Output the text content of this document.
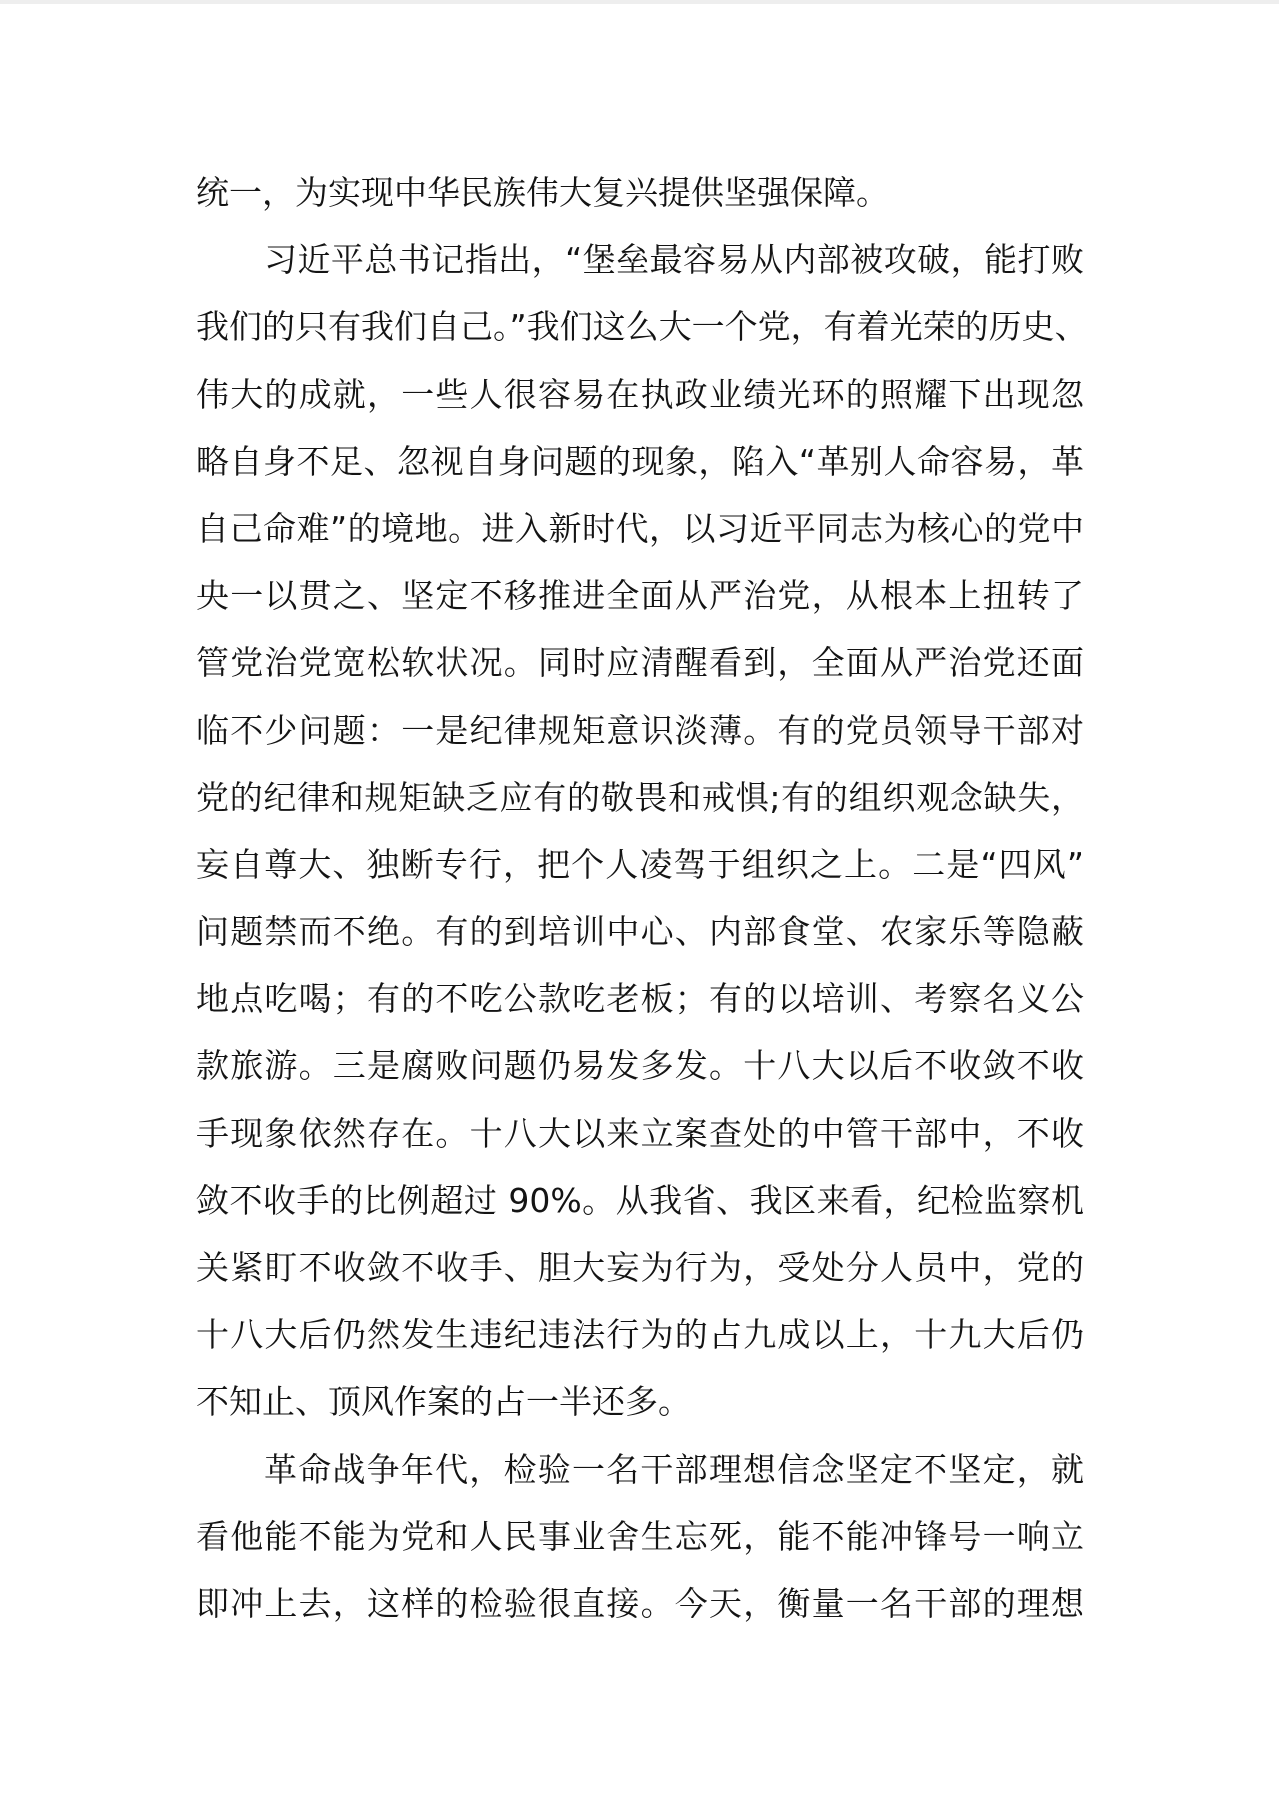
统一，为实现中华民族伟大复兴提供坚强保障。
习近平总书记指出，“堡垒最容易从内部被攻破，能打败
我们的只有我们自己。”我们这么大一个党，有着光荣的历史、
伟大的成就，一些人很容易在执政业绩光环的照耀下出现忽
略自身不足、忽视自身问题的现象，陷入“革别人命容易，革
自己命难”的境地。进入新时代，以习近平同志为核心的党中
央一以贯之、坚定不移推进全面从严治党，从根本上扭转了
管党治党宽松软状况。同时应清醒看到，全面从严治党还面
临不少问题：一是纪律规矩意识淡薄。有的党员领导干部对
党的纪律和规矩缺乏应有的敬畏和戒惧;有的组织观念缺失，
妄自尊大、独断专行，把个人凌驾于组织之上。二是“四风”
问题禁而不绝。有的到培训中心、内部食堂、农家乐等隐蔽
地点吃喝；有的不吃公款吃老板；有的以培训、考察名义公
款旅游。三是腐败问题仍易发多发。十八大以后不收敛不收
手现象依然存在。十八大以来立案查处的中管干部中，不收
敛不收手的比例超过 90%。从我省、我区来看，纪检监察机
关紧盯不收敛不收手、胆大妄为行为，受处分人员中，党的
十八大后仍然发生违纪违法行为的占九成以上，十九大后仍
不知止、顶风作案的占一半还多。
革命战争年代，检验一名干部理想信念坚定不坚定，就
看他能不能为党和人民事业舍生忘死，能不能冲锋号一响立
即冲上去，这样的检验很直接。今天，衡量一名干部的理想
